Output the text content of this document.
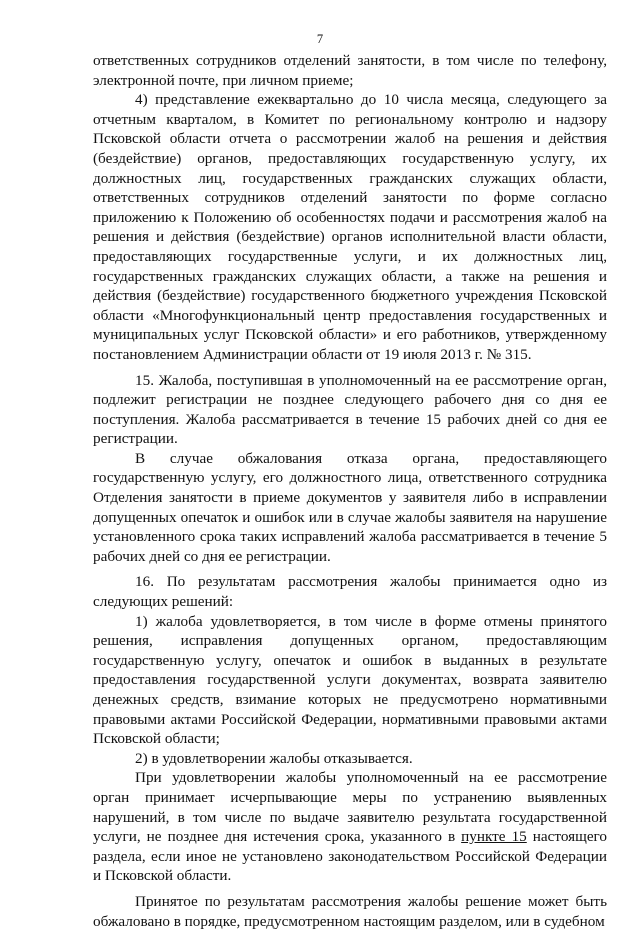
7

ответственных сотрудников отделений занятости, в том числе по телефону, электронной почте, при личном приеме;

4) представление ежеквартально до 10 числа месяца, следующего за отчетным кварталом, в Комитет по региональному контролю и надзору Псковской области отчета о рассмотрении жалоб на решения и действия (бездействие) органов, предоставляющих государственную услугу, их должностных лиц, государственных гражданских служащих области, ответственных сотрудников отделений занятости по форме согласно приложению к Положению об особенностях подачи и рассмотрения жалоб на решения и действия (бездействие) органов исполнительной власти области, предоставляющих государственные услуги, и их должностных лиц, государственных гражданских служащих области, а также на решения и действия (бездействие) государственного бюджетного учреждения Псковской области «Многофункциональный центр предоставления государственных и муниципальных услуг Псковской области» и его работников, утвержденному постановлением Администрации области от 19 июля 2013 г. № 315.

15. Жалоба, поступившая в уполномоченный на ее рассмотрение орган, подлежит регистрации не позднее следующего рабочего дня со дня ее поступления. Жалоба рассматривается в течение 15 рабочих дней со дня ее регистрации.

В случае обжалования отказа органа, предоставляющего государственную услугу, его должностного лица, ответственного сотрудника Отделения занятости в приеме документов у заявителя либо в исправлении допущенных опечаток и ошибок или в случае жалобы заявителя на нарушение установленного срока таких исправлений жалоба рассматривается в течение 5 рабочих дней со дня ее регистрации.

16. По результатам рассмотрения жалобы принимается одно из следующих решений:

1) жалоба удовлетворяется, в том числе в форме отмены принятого решения, исправления допущенных органом, предоставляющим государственную услугу, опечаток и ошибок в выданных в результате предоставления государственной услуги документах, возврата заявителю денежных средств, взимание которых не предусмотрено нормативными правовыми актами Российской Федерации, нормативными правовыми актами Псковской области;

2) в удовлетворении жалобы отказывается.

При удовлетворении жалобы уполномоченный на ее рассмотрение орган принимает исчерпывающие меры по устранению выявленных нарушений, в том числе по выдаче заявителю результата государственной услуги, не позднее дня истечения срока, указанного в пункте 15 настоящего раздела, если иное не установлено законодательством Российской Федерации и Псковской области.

Принятое по результатам рассмотрения жалобы решение может быть обжаловано в порядке, предусмотренном настоящим разделом, или в судебном
